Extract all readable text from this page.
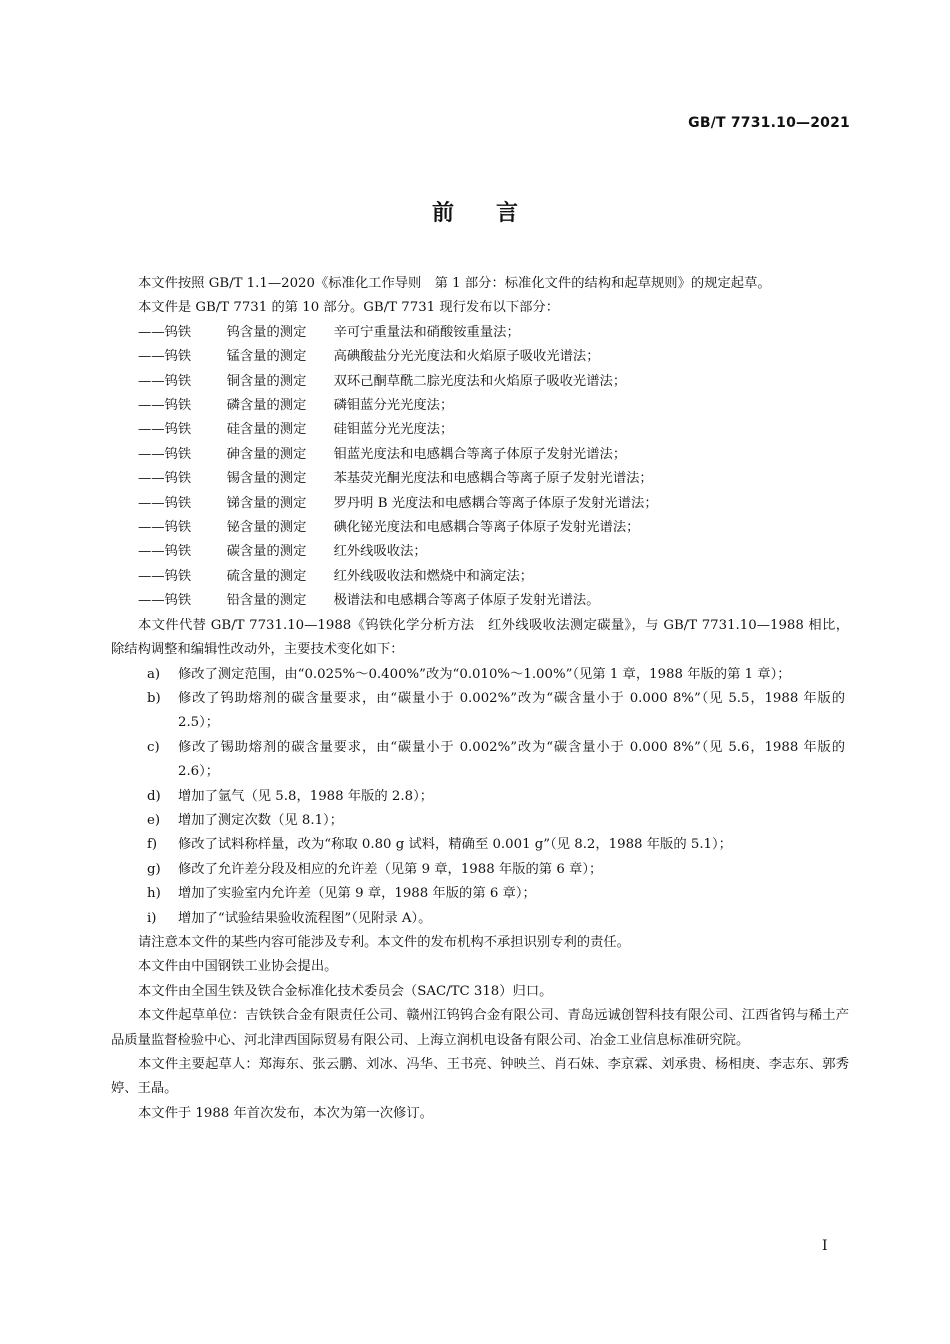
GB/T 7731.10—2021
前言
本文件按照 GB/T 1.1—2020《标准化工作导则　第 1 部分：标准化文件的结构和起草规则》的规定起草。
本文件是 GB/T 7731 的第 10 部分。GB/T 7731 现行发布以下部分：
——钨铁	钨含量的测定 辛可宁重量法和硝酸铵重量法；
——钨铁	锰含量的测定 高碘酸盐分光光度法和火焰原子吸收光谱法；
——钨铁	铜含量的测定 双环己酮草酰二腙光度法和火焰原子吸收光谱法；
——钨铁	磷含量的测定 磷钼蓝分光光度法；
——钨铁	硅含量的测定 硅钼蓝分光光度法；
——钨铁	砷含量的测定 钼蓝光度法和电感耦合等离子体原子发射光谱法；
——钨铁	锡含量的测定 苯基荧光酮光度法和电感耦合等离子原子发射光谱法；
——钨铁	锑含量的测定 罗丹明 B 光度法和电感耦合等离子体原子发射光谱法；
——钨铁	铋含量的测定 碘化铋光度法和电感耦合等离子体原子发射光谱法；
——钨铁	碳含量的测定 红外线吸收法；
——钨铁	硫含量的测定 红外线吸收法和燃烧中和滴定法；
——钨铁	铅含量的测定 极谱法和电感耦合等离子体原子发射光谱法。
本文件代替 GB/T 7731.10—1988《钨铁化学分析方法　红外线吸收法测定碳量》，与 GB/T 7731.10—1988 相比，除结构调整和编辑性改动外，主要技术变化如下：
a) 修改了测定范围，由“0.025%～0.400%”改为“0.010%～1.00%”（见第 1 章，1988 年版的第 1 章）；
b) 修改了钨助熔剂的碳含量要求，由“碳量小于 0.002%”改为“碳含量小于 0.000 8%”（见 5.5，1988 年版的 2.5）；
c) 修改了锡助熔剂的碳含量要求，由“碳量小于 0.002%”改为“碳含量小于 0.000 8%”（见 5.6，1988 年版的 2.6）；
d) 增加了氩气（见 5.8，1988 年版的 2.8）；
e) 增加了测定次数（见 8.1）；
f) 修改了试料称样量，改为“称取 0.80 g 试料，精确至 0.001 g”（见 8.2，1988 年版的 5.1）；
g) 修改了允许差分段及相应的允许差（见第 9 章，1988 年版的第 6 章）；
h) 增加了实验室内允许差（见第 9 章，1988 年版的第 6 章）；
i) 增加了“试验结果验收流程图”（见附录 A）。
请注意本文件的某些内容可能涉及专利。本文件的发布机构不承担识别专利的责任。
本文件由中国钢铁工业协会提出。
本文件由全国生铁及铁合金标准化技术委员会（SAC/TC 318）归口。
本文件起草单位：吉铁铁合金有限责任公司、赣州江钨钨合金有限公司、青岛远诚创智科技有限公司、江西省钨与稀土产品质量监督检验中心、河北津西国际贸易有限公司、上海立润机电设备有限公司、冶金工业信息标准研究院。
本文件主要起草人：郑海东、张云鹏、刘冰、冯华、王书亮、钟映兰、肖石妹、李京霖、刘承贵、杨相庚、李志东、郭秀婷、王晶。
本文件于 1988 年首次发布，本次为第一次修订。
I
